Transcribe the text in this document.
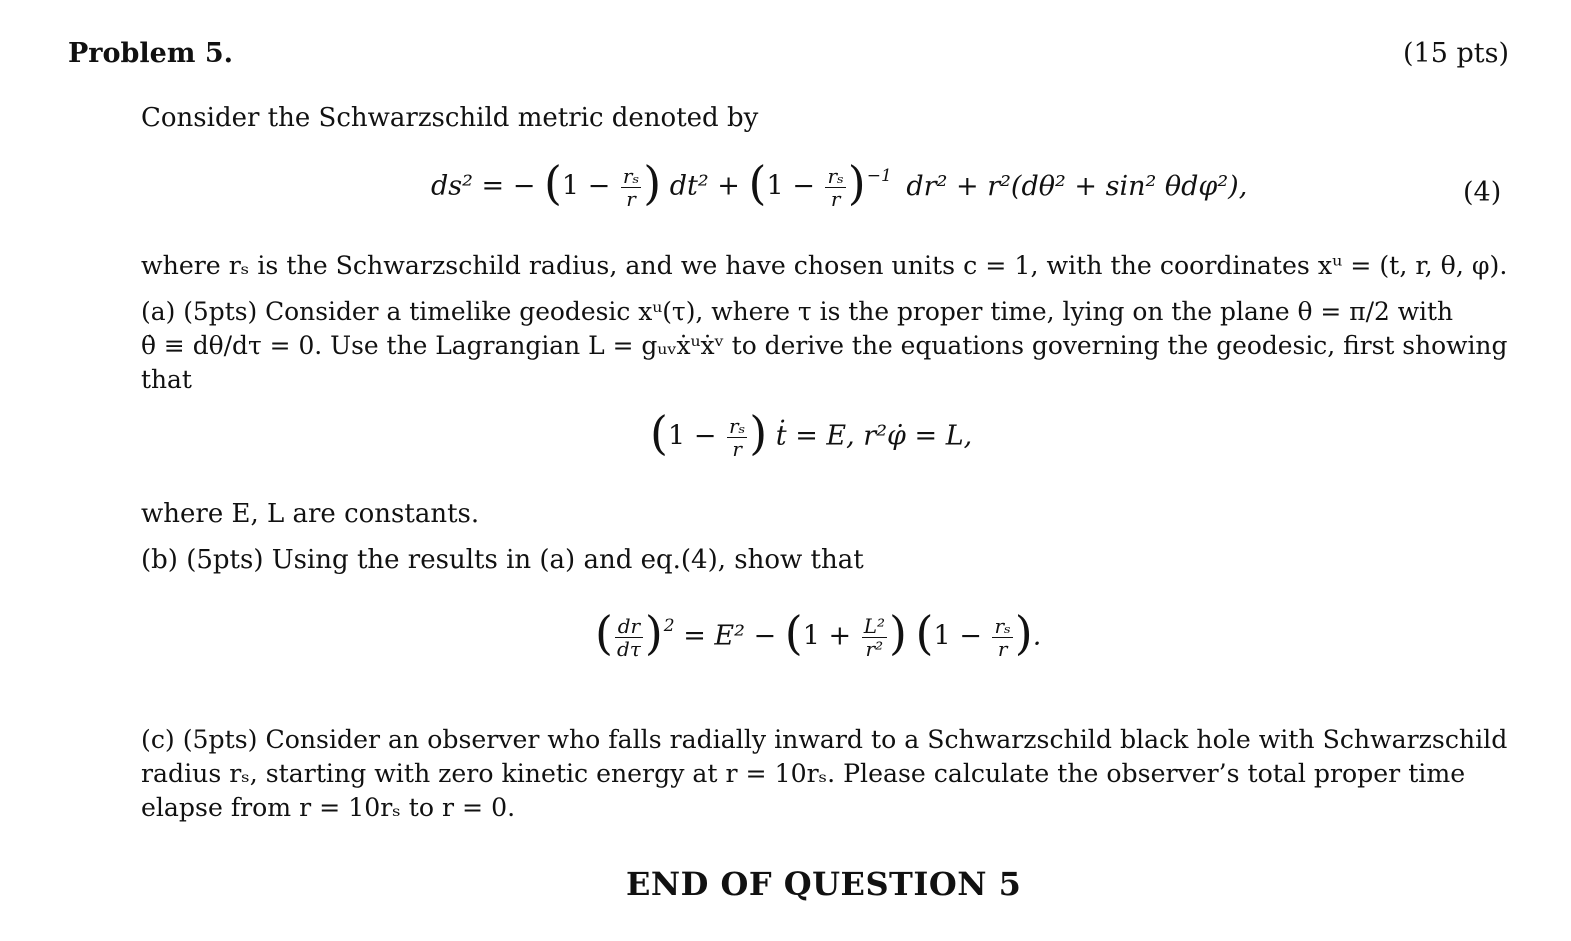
Problem 5.	(15 pts)
Consider the Schwarzschild metric denoted by
ds² = − ($1 - \frac{\text{rₛ}}{r}$ ) $dt^2 + (1 - \frac{\text{rₛ}}{r} )^{-1}$ dr² + r²(dθ² + sin² θdφ²),	(4)
where rₛ is the Schwarzschild radius, and we have chosen units c = 1, with the coordinates xᵘ = (t, r, θ, φ).
(a) (5pts) Consider a timelike geodesic xᵘ(τ), where τ is the proper time, lying on the plane θ = π/2 with
θ̇ ≡ dθ/dτ = 0. Use the Lagrangian L = gᵤᵥẋᵘẋᵛ to derive the equations governing the geodesic, first showing
that
($1 - \frac{\text{rₛ}}{r}$ ) ṫ = E, r²φ̇ = L,
where E, L are constants.
(b) (5pts) Using the results in (a) and eq.(4), show that
( $\frac{dr}{d\tau} )^2 = E^2 - (1 + \frac{\text{L²}}{\text{r²}}$ ) ($1 - \frac{\text{rₛ}}{r}$ ).
(c) (5pts) Consider an observer who falls radially inward to a Schwarzschild black hole with Schwarzschild
radius rₛ, starting with zero kinetic energy at r = 10rₛ. Please calculate the observer’s total proper time
elapse from r = 10rₛ to r = 0.
END OF QUESTION 5
